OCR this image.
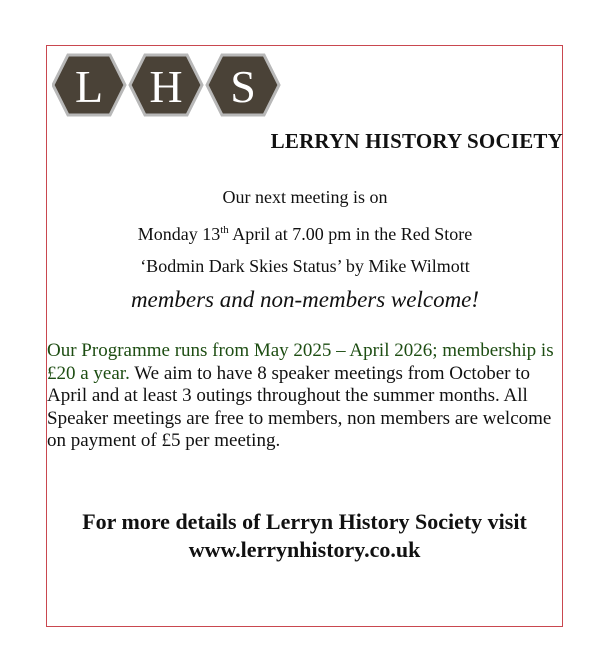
L H S
LERRYN HISTORY SOCIETY
Our next meeting is on
Monday 13th April at 7.00 pm in the Red Store
‘Bodmin Dark Skies Status’ by Mike Wilmott
members and non-members welcome!
Our Programme runs from May 2025 – April 2026; membership is £20 a year. We aim to have 8 speaker meetings from October to April and at least 3 outings throughout the summer months. All Speaker meetings are free to members, non members are welcome on payment of £5 per meeting.
For more details of Lerryn History Society visit
www.lerrynhistory.co.uk
